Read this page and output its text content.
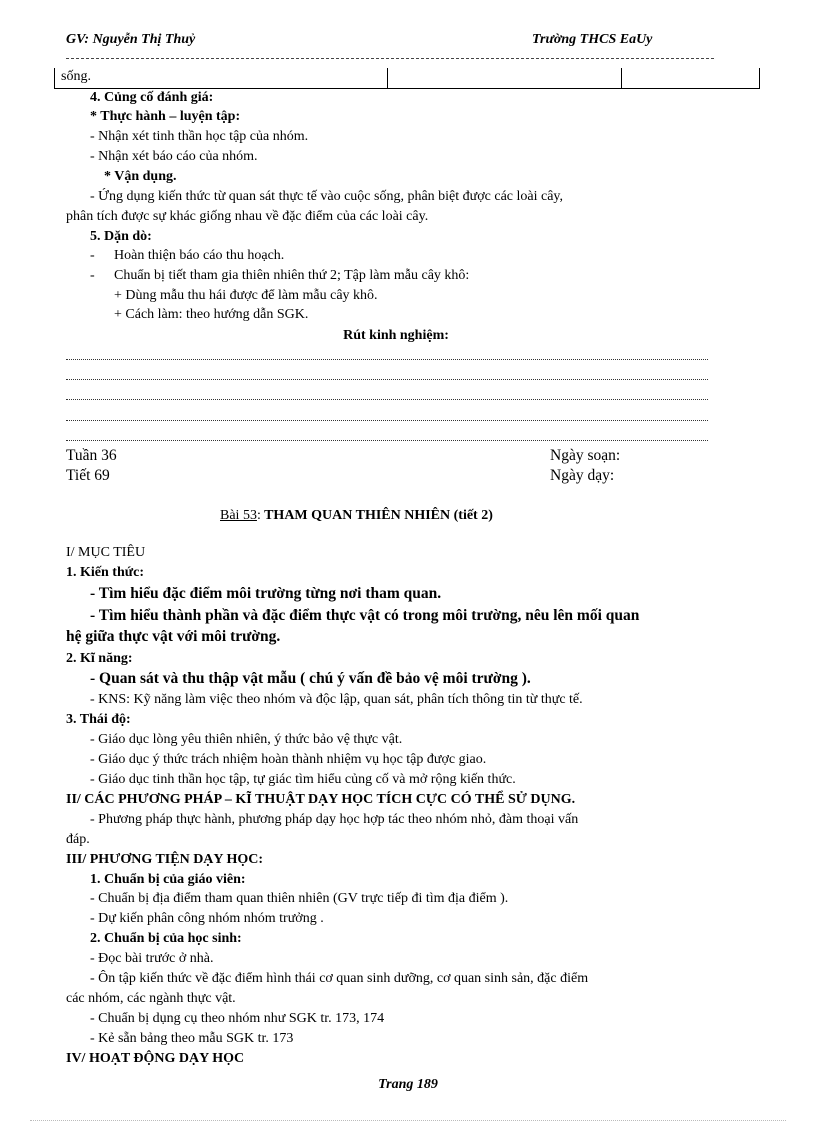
GV: Nguyễn Thị Thuỷ	Trường THCS EaUy
sống.
4. Củng cố đánh giá:
* Thực hành – luyện tập:
- Nhận xét tinh thần học tập của nhóm.
- Nhận xét báo cáo của nhóm.
* Vận dụng.
- Ứng dụng kiến thức từ quan sát thực tế vào cuộc sống, phân biệt được các loài cây,
phân tích được sự khác giống nhau về đặc điểm của các loài cây.
5. Dặn dò:
- Hoàn thiện báo cáo thu hoạch.
- Chuẩn bị tiết tham gia thiên nhiên thứ 2; Tập làm mẫu cây khô:
+ Dùng mẫu thu hái được để làm mẫu cây khô.
+ Cách làm: theo hướng dẫn SGK.
Rút kinh nghiệm:
Tuần 36
Tiết 69
Ngày soạn:
Ngày dạy:
Bài 53: THAM QUAN THIÊN NHIÊN (tiết 2)
I/ MỤC TIÊU
1. Kiến thức:
- Tìm hiểu đặc điểm môi trường từng nơi tham quan.
- Tìm hiểu thành phần và đặc điểm thực vật có trong môi trường, nêu lên mối quan
hệ giữa thực vật với môi trường.
2. Kĩ năng:
- Quan sát và thu thập vật mẫu ( chú ý vấn đề bảo vệ môi trường ).
- KNS: Kỹ năng làm việc theo nhóm và độc lập, quan sát, phân tích thông tin từ thực tế.
3. Thái độ:
- Giáo dục lòng yêu thiên nhiên, ý thức bảo vệ thực vật.
- Giáo dục ý thức trách nhiệm hoàn thành nhiệm vụ học tập được giao.
- Giáo dục tinh thần học tập, tự giác tìm hiểu củng cố và mở rộng kiến thức.
II/ CÁC PHƯƠNG PHÁP – KĨ THUẬT DẠY HỌC TÍCH CỰC CÓ THỂ SỬ DỤNG.
- Phương pháp thực hành, phương pháp dạy học hợp tác theo nhóm nhỏ, đàm thoại vấn
đáp.
III/ PHƯƠNG TIỆN DẠY HỌC:
1. Chuẩn bị của giáo viên:
- Chuẩn bị địa điểm tham quan thiên nhiên (GV trực tiếp đi tìm địa điểm ).
- Dự kiến phân công nhóm nhóm trưởng .
2. Chuẩn bị của học sinh:
- Đọc bài trước ở nhà.
- Ôn tập kiến thức về đặc điểm hình thái cơ quan sinh dưỡng, cơ quan sinh sản, đặc điểm
các nhóm, các ngành thực vật.
- Chuẩn bị dụng cụ theo nhóm như SGK tr. 173, 174
- Kẻ sẵn bảng theo mẫu SGK tr. 173
IV/ HOẠT ĐỘNG DẠY HỌC
Trang 189
